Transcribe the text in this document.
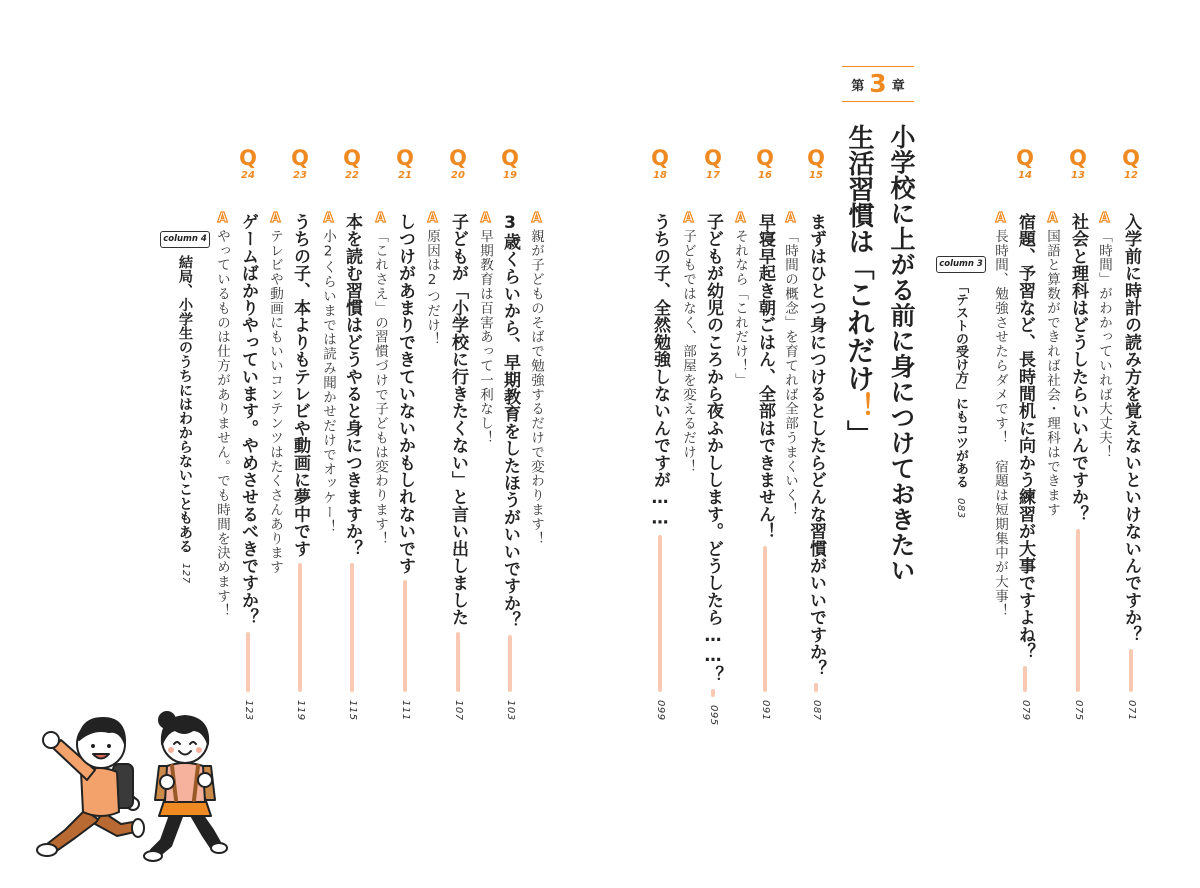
第 3 章
小学校に上がる前に身につけておきたい
生活習慣は「
これだけ
！
」
Q
12
入学前に時計の読み方を覚えないといけないんですか？
071
A
「時間」がわかっていれば大丈夫！
Q
13
社会と理科はどうしたらいいんですか？
075
A
国語と算数ができれば社会・理科はできます
Q
14
宿題、予習など、長時間机に向かう練習が大事ですよね？
079
A
長時間、勉強させたらダメです！　宿題は短期集中が大事！
column 3
「テストの受け方」にもコツがある
083
Q
15
まずはひとつ身につけるとしたらどんな習慣がいいですか？
087
A
「時間の概念」を育てれば全部うまくいく！
Q
16
早寝早起き朝ごはん、全部はできません！
091
A
それなら「これだけ！」
Q
17
子どもが幼児のころから夜ふかしします。どうしたら……？
095
A
子どもではなく、部屋を変えるだけ！
Q
18
うちの子、全然勉強しないんですが……
099
A
親が子どものそばで勉強するだけで変わります！
Q
19
3歳くらいから、早期教育をしたほうがいいですか？
103
A
早期教育は百害あって一利なし！
Q
20
子どもが「小学校に行きたくない」と言い出しました
107
A
原因は2つだけ！
Q
21
しつけがあまりできていないかもしれないです
111
A
「これさえ」の習慣づけで子どもは変わります！
Q
22
本を読む習慣はどうやると身につきますか？
115
A
小2くらいまでは読み聞かせだけでオッケー！
Q
23
うちの子、本よりもテレビや動画に夢中です
119
A
テレビや動画にもいいコンテンツはたくさんあります
Q
24
ゲームばかりやっています。やめさせるべきですか？
123
A
やっているものは仕方がありません。でも時間を決めます！
column 4
結局、小学生のうちにはわからないこともある
127
